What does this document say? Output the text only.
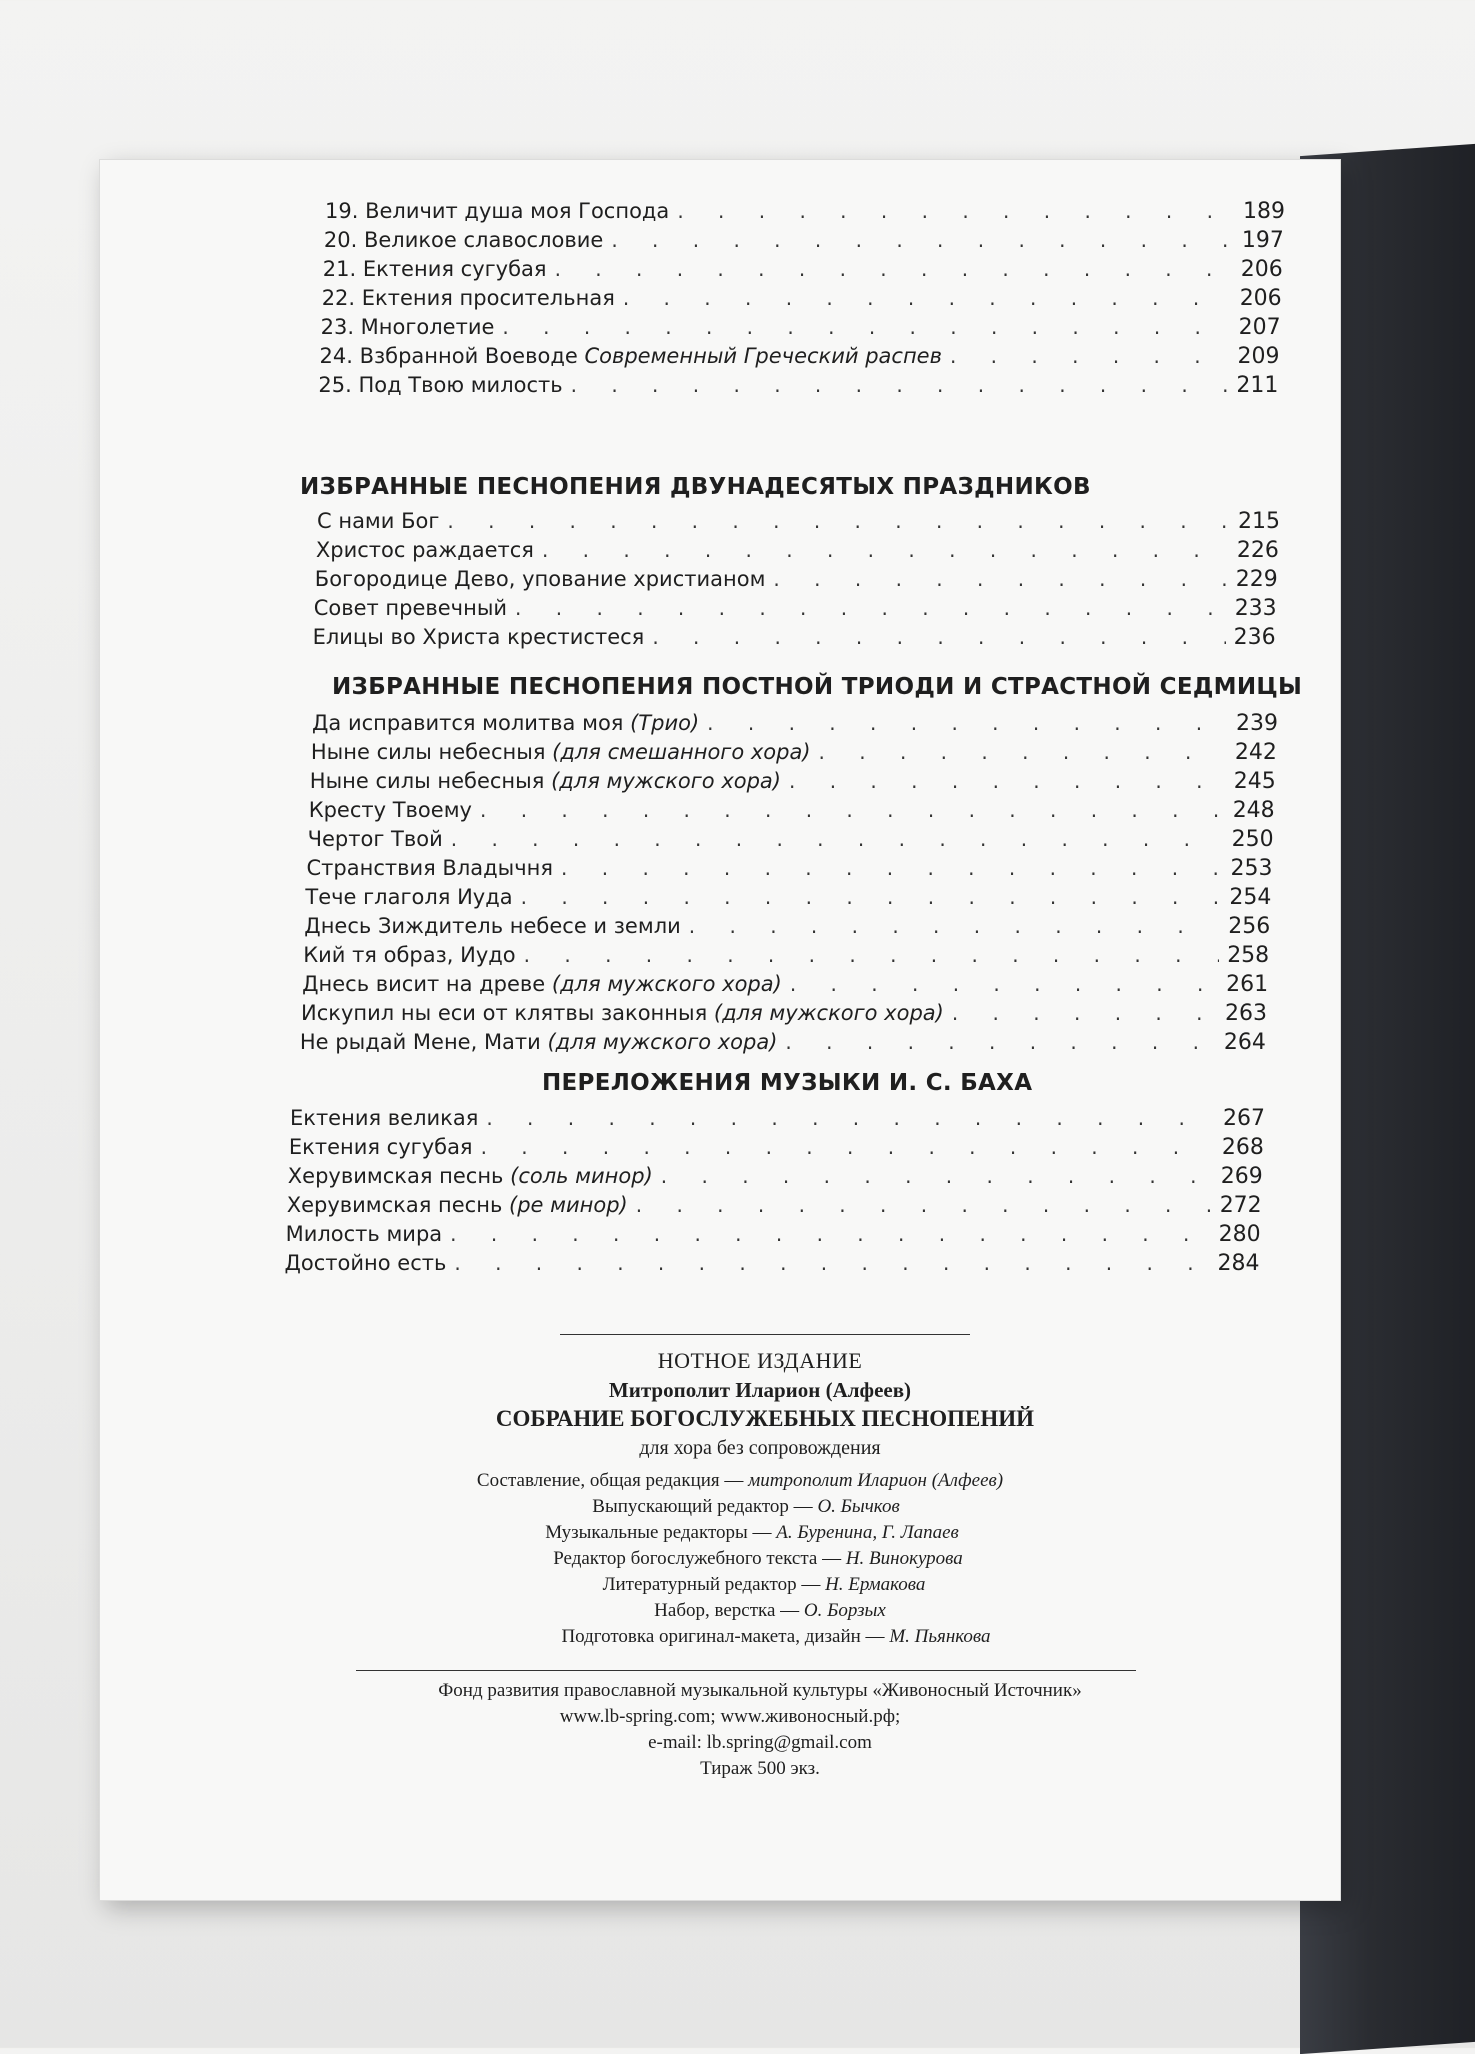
19. Величит душа моя Господа . . .	189
20. Великое славословие . . .	197
21. Ектения сугубая . . .	206
22. Ектения просительная . . .	206
23. Многолетие . . .	207
24. Взбранной Воеводе Современный Греческий распев . . .	209
25. Под Твою милость . . .	211
С нами Бог . . .	215
Христос раждается . . .	226
Богородице Дево, упование христианом . . .	229
Совет превечный . . .	233
Елицы во Христа крестистеся . . .	236
Да исправится молитва моя (Трио) . . .	239
Ныне силы небесныя (для смешанного хора) . . .	242
Ныне силы небесныя (для мужского хора) . . .	245
Кресту Твоему . . .	248
Чертог Твой . . .	250
Странствия Владычня . . .	253
Тече глаголя Иуда . . .	254
Днесь Зиждитель небесе и земли . . .	256
Кий тя образ, Иудо . . .	258
Днесь висит на древе (для мужского хора) . . .	261
Искупил ны еси от клятвы законныя (для мужского хора) . . .	263
Не рыдай Мене, Мати (для мужского хора) . . .	264
Ектения великая . . .	267
Ектения сугубая . . .	268
Херувимская песнь (соль минор) . . .	269
Херувимская песнь (ре минор) . . .	272
Милость мира . . .	280
Достойно есть . . .	284
ИЗБРАННЫЕ ПЕСНОПЕНИЯ ДВУНАДЕСЯТЫХ ПРАЗДНИКОВ
ИЗБРАННЫЕ ПЕСНОПЕНИЯ ПОСТНОЙ ТРИОДИ И СТРАСТНОЙ СЕДМИЦЫ
ПЕРЕЛОЖЕНИЯ МУЗЫКИ И. С. БАХА
НОТНОЕ ИЗДАНИЕ
Митрополит Иларион (Алфеев)
СОБРАНИЕ БОГОСЛУЖЕБНЫХ ПЕСНОПЕНИЙ
для хора без сопровождения
Составление, общая редакция — митрополит Иларион (Алфеев)
Выпускающий редактор — О. Бычков
Музыкальные редакторы — А. Буренина, Г. Лапаев
Редактор богослужебного текста — Н. Винокурова
Литературный редактор — Н. Ермакова
Набор, верстка — О. Борзых
Подготовка оригинал-макета, дизайн — М. Пьянкова
Фонд развития православной музыкальной культуры «Живоносный Источник»
www.lb-spring.com; www.живоносный.рф;
e-mail: lb.spring@gmail.com
Тираж 500 экз.
